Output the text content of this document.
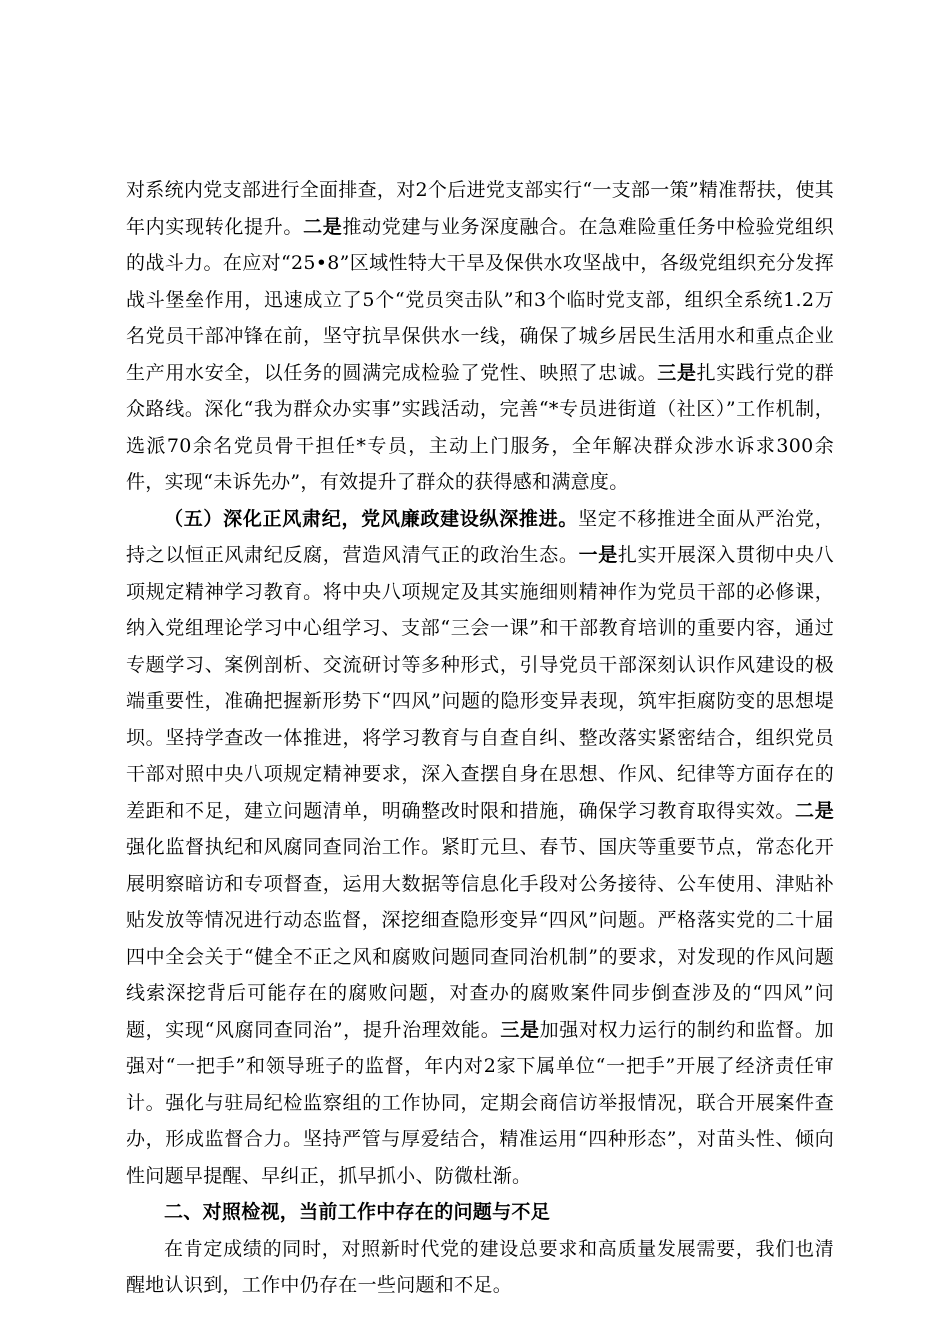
对系统内党支部进行全面排查，对2个后进党支部实行“一支部一策”精准帮扶，使其年内实现转化提升。二是推动党建与业务深度融合。在急难险重任务中检验党组织的战斗力。在应对“25•8”区域性特大干旱及保供水攻坚战中，各级党组织充分发挥战斗堡垒作用，迅速成立了5个“党员突击队”和3个临时党支部，组织全系统1.2万名党员干部冲锋在前，坚守抗旱保供水一线，确保了城乡居民生活用水和重点企业生产用水安全，以任务的圆满完成检验了党性、映照了忠诚。三是扎实践行党的群众路线。深化“我为群众办实事”实践活动，完善“*专员进街道（社区）”工作机制，选派70余名党员骨干担任*专员，主动上门服务，全年解决群众涉水诉求300余件，实现“未诉先办”，有效提升了群众的获得感和满意度。

（五）深化正风肃纪，党风廉政建设纵深推进。坚定不移推进全面从严治党，持之以恒正风肃纪反腐，营造风清气正的政治生态。一是扎实开展深入贯彻中央八项规定精神学习教育。将中央八项规定及其实施细则精神作为党员干部的必修课，纳入党组理论学习中心组学习、支部“三会一课”和干部教育培训的重要内容，通过专题学习、案例剖析、交流研讨等多种形式，引导党员干部深刻认识作风建设的极端重要性，准确把握新形势下“四风”问题的隐形变异表现，筑牢拒腐防变的思想堤坝。坚持学查改一体推进，将学习教育与自查自纠、整改落实紧密结合，组织党员干部对照中央八项规定精神要求，深入查摆自身在思想、作风、纪律等方面存在的差距和不足，建立问题清单，明确整改时限和措施，确保学习教育取得实效。二是强化监督执纪和风腐同查同治工作。紧盯元旦、春节、国庆等重要节点，常态化开展明察暗访和专项督查，运用大数据等信息化手段对公务接待、公车使用、津贴补贴发放等情况进行动态监督，深挖细查隐形变异“四风”问题。严格落实党的二十届四中全会关于“健全不正之风和腐败问题同查同治机制”的要求，对发现的作风问题线索深挖背后可能存在的腐败问题，对查办的腐败案件同步倒查涉及的“四风”问题，实现“风腐同查同治”，提升治理效能。三是加强对权力运行的制约和监督。加强对“一把手”和领导班子的监督，年内对2家下属单位“一把手”开展了经济责任审计。强化与驻局纪检监察组的工作协同，定期会商信访举报情况，联合开展案件查办，形成监督合力。坚持严管与厚爱结合，精准运用“四种形态”，对苗头性、倾向性问题早提醒、早纠正，抓早抓小、防微杜渐。

二、对照检视，当前工作中存在的问题与不足

在肯定成绩的同时，对照新时代党的建设总要求和高质量发展需要，我们也清醒地认识到，工作中仍存在一些问题和不足。
